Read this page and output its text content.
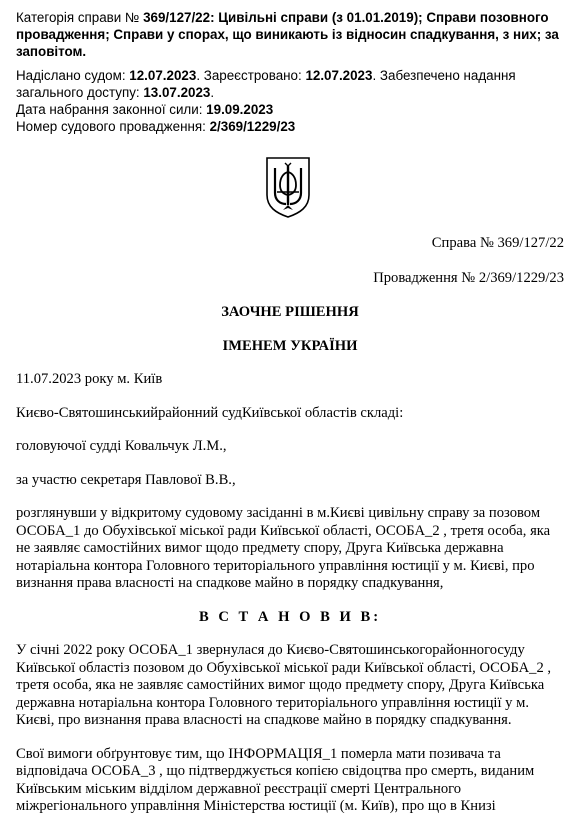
Категорія справи № 369/127/22: Цивільні справи (з 01.01.2019); Справи позовного провадження; Справи у спорах, що виникають із відносин спадкування, з них; за заповітом.

Надіслано судом: 12.07.2023. Зареєстровано: 12.07.2023. Забезпечено надання загального доступу: 13.07.2023.

Дата набрання законної сили: 19.09.2023

Номер судового провадження: 2/369/1229/23

Справа № 369/127/22

Провадження № 2/369/1229/23

ЗАОЧНЕ РІШЕННЯ

ІМЕНЕМ УКРАЇНИ

11.07.2023 року м. Київ

Києво-Святошинськийрайонний судКиївської областів складі:

головуючої судді Ковальчук Л.М.,

за участю секретаря Павлової В.В.,

розглянувши у відкритому судовому засіданні в м.Києві цивільну справу за позовом ОСОБА_1 до Обухівської міської ради Київської області, ОСОБА_2 , третя особа, яка не заявляє самостійних вимог щодо предмету спору, Друга Київська державна нотаріальна контора Головного територіального управління юстиції у м. Києві, про визнання права власності на спадкове майно в порядку спадкування,

В С Т А Н О В И В:

У січні 2022 року ОСОБА_1 звернулася до Києво-Святошинськогорайонногосуду Київської областіз позовом до Обухівської міської ради Київської області, ОСОБА_2 , третя особа, яка не заявляє самостійних вимог щодо предмету спору, Друга Київська державна нотаріальна контора Головного територіального управління юстиції у м. Києві, про визнання права власності на спадкове майно в порядку спадкування.

Свої вимоги обґрунтовує тим, що ІНФОРМАЦІЯ_1 померла мати позивача та відповідача ОСОБА_3 , що підтверджується копією свідоцтва про смерть, виданим Київським міським відділом державної реєстрації смерті Центрального міжрегіонального управління Міністерства юстиції (м. Київ), про що в Книзі
